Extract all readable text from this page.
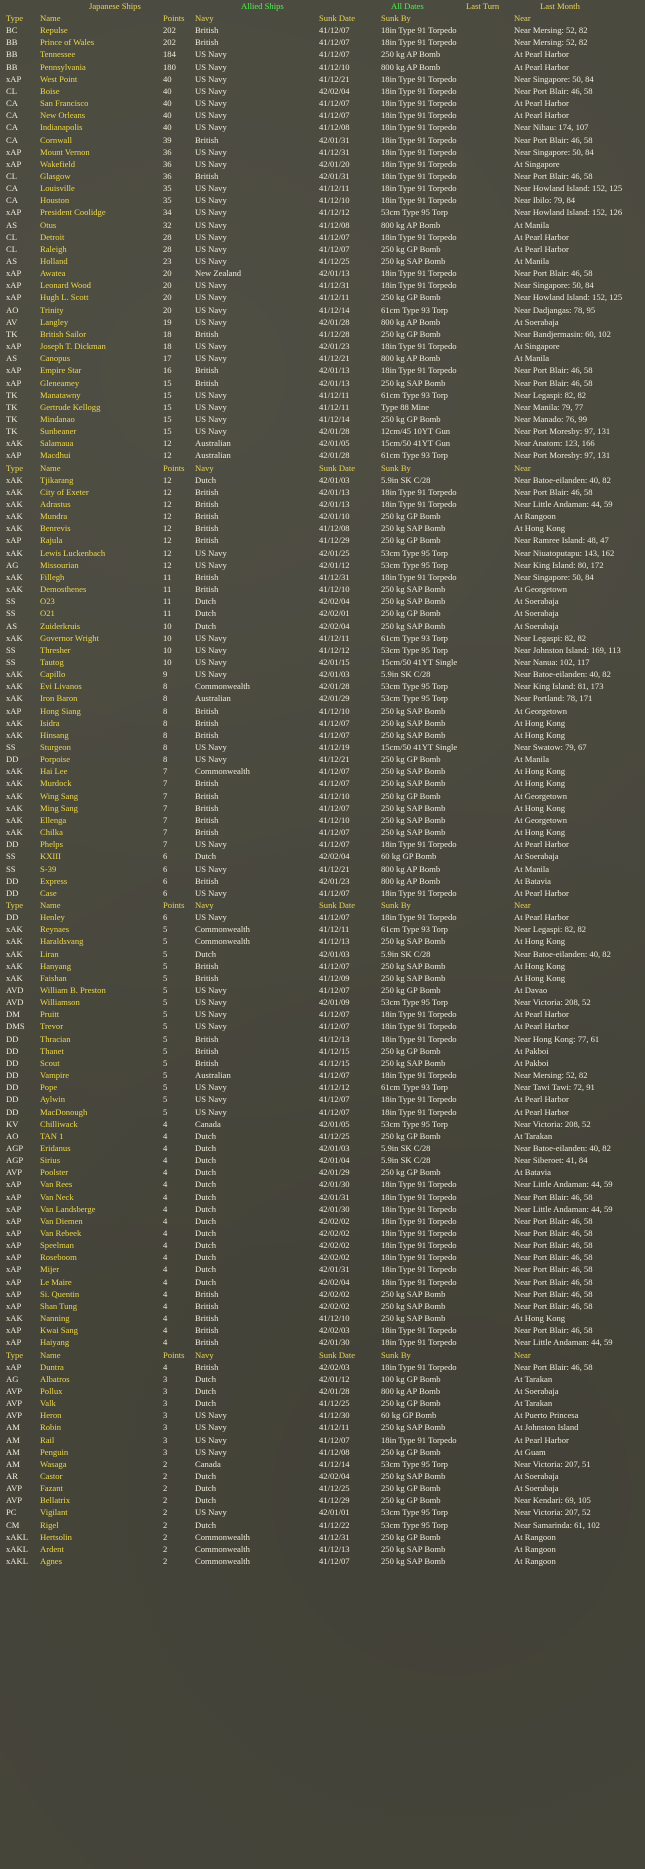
Japanese Ships	Allied Ships	All Dates	Last Turn	Last Month
Type	Name	Points	Navy	Sunk Date	Sunk By	Near
BC	Repulse	202	British	41/12/07	18in Type 91 Torpedo	Near Mersing: 52, 82
BB	Prince of Wales	202	British	41/12/07	18in Type 91 Torpedo	Near Mersing: 52, 82
BB	Tennessee	184	US Navy	41/12/07	250 kg AP Bomb	At Pearl Harbor
BB	Pennsylvania	180	US Navy	41/12/10	800 kg AP Bomb	At Pearl Harbor
xAP	West Point	40	US Navy	41/12/21	18in Type 91 Torpedo	Near Singapore: 50, 84
CL	Boise	40	US Navy	42/02/04	18in Type 91 Torpedo	Near Port Blair: 46, 58
CA	San Francisco	40	US Navy	41/12/07	18in Type 91 Torpedo	At Pearl Harbor
CA	New Orleans	40	US Navy	41/12/07	18in Type 91 Torpedo	At Pearl Harbor
CA	Indianapolis	40	US Navy	41/12/08	18in Type 91 Torpedo	Near Nihau: 174, 107
CA	Cornwall	39	British	42/01/31	18in Type 91 Torpedo	Near Port Blair: 46, 58
xAP	Mount Vernon	36	US Navy	41/12/31	18in Type 91 Torpedo	Near Singapore: 50, 84
xAP	Wakefield	36	US Navy	42/01/20	18in Type 91 Torpedo	At Singapore
CL	Glasgow	36	British	42/01/31	18in Type 91 Torpedo	Near Port Blair: 46, 58
CA	Louisville	35	US Navy	41/12/11	18in Type 91 Torpedo	Near Howland Island: 152, 125
CA	Houston	35	US Navy	41/12/10	18in Type 91 Torpedo	Near Ibilo: 79, 84
xAP	President Coolidge	34	US Navy	41/12/12	53cm Type 95 Torp	Near Howland Island: 152, 126
AS	Otus	32	US Navy	41/12/08	800 kg AP Bomb	At Manila
CL	Detroit	28	US Navy	41/12/07	18in Type 91 Torpedo	At Pearl Harbor
CL	Raleigh	28	US Navy	41/12/07	250 kg GP Bomb	At Pearl Harbor
AS	Holland	23	US Navy	41/12/25	250 kg SAP Bomb	At Manila
xAP	Awatea	20	New Zealand	42/01/13	18in Type 91 Torpedo	Near Port Blair: 46, 58
xAP	Leonard Wood	20	US Navy	41/12/31	18in Type 91 Torpedo	Near Singapore: 50, 84
xAP	Hugh L. Scott	20	US Navy	41/12/11	250 kg GP Bomb	Near Howland Island: 152, 125
AO	Trinity	20	US Navy	41/12/14	61cm Type 93 Torp	Near Dadjangas: 78, 95
AV	Langley	19	US Navy	42/01/28	800 kg AP Bomb	At Soerabaja
TK	British Sailor	18	British	41/12/28	250 kg GP Bomb	Near Bandjermasin: 60, 102
xAP	Joseph T. Dickman	18	US Navy	42/01/23	18in Type 91 Torpedo	At Singapore
AS	Canopus	17	US Navy	41/12/21	800 kg AP Bomb	At Manila
xAP	Empire Star	16	British	42/01/13	18in Type 91 Torpedo	Near Port Blair: 46, 58
xAP	Gleneamey	15	British	42/01/13	250 kg SAP Bomb	Near Port Blair: 46, 58
TK	Manatawny	15	US Navy	41/12/11	61cm Type 93 Torp	Near Legaspi: 82, 82
TK	Gertrude Kellogg	15	US Navy	41/12/11	Type 88 Mine	Near Manila: 79, 77
TK	Mindanao	15	US Navy	41/12/14	250 kg GP Bomb	Near Manado: 76, 99
TK	Sunbeaner	15	US Navy	42/01/28	12cm/45 10YT Gun	Near Port Moresby: 97, 131
xAK	Salamaua	12	Australian	42/01/05	15cm/50 41YT Gun	Near Anatom: 123, 166
xAP	Macdhui	12	Australian	42/01/28	61cm Type 93 Torp	Near Port Moresby: 97, 131
Type	Name	Points	Navy	Sunk Date	Sunk By	Near
xAK	Tjikarang	12	Dutch	42/01/03	5.9in SK C/28	Near Batoe-eilanden: 40, 82
xAK	City of Exeter	12	British	42/01/13	18in Type 91 Torpedo	Near Port Blair: 46, 58
xAK	Adrastus	12	British	42/01/13	18in Type 91 Torpedo	Near Little Andaman: 44, 59
xAK	Mundra	12	British	42/01/10	250 kg GP Bomb	At Rangoon
xAK	Benrevis	12	British	41/12/08	250 kg SAP Bomb	At Hong Kong
xAP	Rajula	12	British	41/12/29	250 kg GP Bomb	Near Ramree Island: 48, 47
xAK	Lewis Luckenbach	12	US Navy	42/01/25	53cm Type 95 Torp	Near Niuatoputapu: 143, 162
AG	Missourian	12	US Navy	42/01/12	53cm Type 95 Torp	Near King Island: 80, 172
xAK	Fillegh	11	British	41/12/31	18in Type 91 Torpedo	Near Singapore: 50, 84
xAK	Demosthenes	11	British	41/12/10	250 kg SAP Bomb	At Georgetown
SS	O23	11	Dutch	42/02/04	250 kg SAP Bomb	At Soerabaja
SS	O21	11	Dutch	42/02/01	250 kg GP Bomb	At Soerabaja
AS	Zuiderkruis	10	Dutch	42/02/04	250 kg SAP Bomb	At Soerabaja
xAK	Governor Wright	10	US Navy	41/12/11	61cm Type 93 Torp	Near Legaspi: 82, 82
SS	Thresher	10	US Navy	41/12/12	53cm Type 95 Torp	Near Johnston Island: 169, 113
SS	Tautog	10	US Navy	42/01/15	15cm/50 41YT Single	Near Nanua: 102, 117
xAK	Capillo	9	US Navy	42/01/03	5.9in SK C/28	Near Batoe-eilanden: 40, 82
xAK	Evi Livanos	8	Commonwealth	42/01/28	53cm Type 95 Torp	Near King Island: 81, 173
xAK	Iron Baron	8	Australian	42/01/29	53cm Type 95 Torp	Near Portland: 78, 171
xAP	Hong Siang	8	British	41/12/10	250 kg SAP Bomb	At Georgetown
xAK	Isidra	8	British	41/12/07	250 kg SAP Bomb	At Hong Kong
xAK	Hinsang	8	British	41/12/07	250 kg SAP Bomb	At Hong Kong
SS	Sturgeon	8	US Navy	41/12/19	15cm/50 41YT Single	Near Swatow: 79, 67
DD	Porpoise	8	US Navy	41/12/21	250 kg GP Bomb	At Manila
xAK	Hai Lee	7	Commonwealth	41/12/07	250 kg SAP Bomb	At Hong Kong
xAK	Murdock	7	British	41/12/07	250 kg SAP Bomb	At Hong Kong
xAK	Wing Sang	7	British	41/12/10	250 kg GP Bomb	At Georgetown
xAK	Ming Sang	7	British	41/12/07	250 kg SAP Bomb	At Hong Kong
xAK	Ellenga	7	British	41/12/10	250 kg SAP Bomb	At Georgetown
xAK	Chilka	7	British	41/12/07	250 kg SAP Bomb	At Hong Kong
DD	Phelps	7	US Navy	41/12/07	18in Type 91 Torpedo	At Pearl Harbor
SS	KXIII	6	Dutch	42/02/04	60 kg GP Bomb	At Soerabaja
SS	S-39	6	US Navy	41/12/21	800 kg AP Bomb	At Manila
DD	Express	6	British	42/01/23	800 kg AP Bomb	At Batavia
DD	Case	6	US Navy	41/12/07	18in Type 91 Torpedo	At Pearl Harbor
Type	Name	Points	Navy	Sunk Date	Sunk By	Near
DD	Henley	6	US Navy	41/12/07	18in Type 91 Torpedo	At Pearl Harbor
xAK	Reynaes	5	Commonwealth	41/12/11	61cm Type 93 Torp	Near Legaspi: 82, 82
xAK	Haraldsvang	5	Commonwealth	41/12/13	250 kg SAP Bomb	At Hong Kong
xAK	Liran	5	Dutch	42/01/03	5.9in SK C/28	Near Batoe-eilanden: 40, 82
xAK	Hanyang	5	British	41/12/07	250 kg SAP Bomb	At Hong Kong
xAK	Faishan	5	British	41/12/09	250 kg SAP Bomb	At Hong Kong
AVD	William B. Preston	5	US Navy	41/12/07	250 kg GP Bomb	At Davao
AVD	Williamson	5	US Navy	42/01/09	53cm Type 95 Torp	Near Victoria: 208, 52
DM	Pruitt	5	US Navy	41/12/07	18in Type 91 Torpedo	At Pearl Harbor
DMS	Trevor	5	US Navy	41/12/07	18in Type 91 Torpedo	At Pearl Harbor
DD	Thracian	5	British	41/12/13	18in Type 91 Torpedo	Near Hong Kong: 77, 61
DD	Thanet	5	British	41/12/15	250 kg GP Bomb	At Pakboi
DD	Scout	5	British	41/12/15	250 kg SAP Bomb	At Pakboi
DD	Vampire	5	Australian	41/12/07	18in Type 91 Torpedo	Near Mersing: 52, 82
DD	Pope	5	US Navy	41/12/12	61cm Type 93 Torp	Near Tawi Tawi: 72, 91
DD	Aylwin	5	US Navy	41/12/07	18in Type 91 Torpedo	At Pearl Harbor
DD	MacDonough	5	US Navy	41/12/07	18in Type 91 Torpedo	At Pearl Harbor
KV	Chilliwack	4	Canada	42/01/05	53cm Type 95 Torp	Near Victoria: 208, 52
AO	TAN 1	4	Dutch	41/12/25	250 kg GP Bomb	At Tarakan
AGP	Eridanus	4	Dutch	42/01/03	5.9in SK C/28	Near Batoe-eilanden: 40, 82
AGP	Sirius	4	Dutch	42/01/04	5.9in SK C/28	Near Siberoet: 41, 84
AVP	Poolster	4	Dutch	42/01/29	250 kg GP Bomb	At Batavia
xAP	Van Rees	4	Dutch	42/01/30	18in Type 91 Torpedo	Near Little Andaman: 44, 59
xAP	Van Neck	4	Dutch	42/01/31	18in Type 91 Torpedo	Near Port Blair: 46, 58
xAP	Van Landsberge	4	Dutch	42/01/30	18in Type 91 Torpedo	Near Little Andaman: 44, 59
xAP	Van Diemen	4	Dutch	42/02/02	18in Type 91 Torpedo	Near Port Blair: 46, 58
xAP	Van Rebeek	4	Dutch	42/02/02	18in Type 91 Torpedo	Near Port Blair: 46, 58
xAP	Speelman	4	Dutch	42/02/02	18in Type 91 Torpedo	Near Port Blair: 46, 58
xAP	Roseboom	4	Dutch	42/02/02	18in Type 91 Torpedo	Near Port Blair: 46, 58
xAP	Mijer	4	Dutch	42/01/31	18in Type 91 Torpedo	Near Port Blair: 46, 58
xAP	Le Maire	4	Dutch	42/02/04	18in Type 91 Torpedo	Near Port Blair: 46, 58
xAP	Si. Quentin	4	British	42/02/02	250 kg SAP Bomb	Near Port Blair: 46, 58
xAP	Shan Tung	4	British	42/02/02	250 kg SAP Bomb	Near Port Blair: 46, 58
xAK	Nanning	4	British	41/12/10	250 kg SAP Bomb	At Hong Kong
xAP	Kwai Sang	4	British	42/02/03	18in Type 91 Torpedo	Near Port Blair: 46, 58
xAP	Haiyang	4	British	42/01/30	18in Type 91 Torpedo	Near Little Andaman: 44, 59
Type	Name	Points	Navy	Sunk Date	Sunk By	Near
xAP	Duntra	4	British	42/02/03	18in Type 91 Torpedo	Near Port Blair: 46, 58
AG	Albatros	3	Dutch	42/01/12	100 kg GP Bomb	At Tarakan
AVP	Pollux	3	Dutch	42/01/28	800 kg AP Bomb	At Soerabaja
AVP	Valk	3	Dutch	41/12/25	250 kg GP Bomb	At Tarakan
AVP	Heron	3	US Navy	41/12/30	60 kg GP Bomb	At Puerto Princesa
AM	Robin	3	US Navy	41/12/11	250 kg SAP Bomb	At Johnston Island
AM	Rail	3	US Navy	41/12/07	18in Type 91 Torpedo	At Pearl Harbor
AM	Penguin	3	US Navy	41/12/08	250 kg GP Bomb	At Guam
AM	Wasaga	2	Canada	41/12/14	53cm Type 95 Torp	Near Victoria: 207, 51
AR	Castor	2	Dutch	42/02/04	250 kg SAP Bomb	At Soerabaja
AVP	Fazant	2	Dutch	41/12/25	250 kg GP Bomb	At Soerabaja
AVP	Bellatrix	2	Dutch	41/12/29	250 kg GP Bomb	Near Kendari: 69, 105
PC	Vigilant	2	US Navy	42/01/01	53cm Type 95 Torp	Near Victoria: 207, 52
CM	Rigel	2	Dutch	41/12/22	53cm Type 95 Torp	Near Samarinda: 61, 102
xAKL	Hertsolin	2	Commonwealth	41/12/31	250 kg GP Bomb	At Rangoon
xAKL	Ardent	2	Commonwealth	41/12/13	250 kg SAP Bomb	At Rangoon
xAKL	Agnes	2	Commonwealth	41/12/07	250 kg SAP Bomb	At Rangoon
